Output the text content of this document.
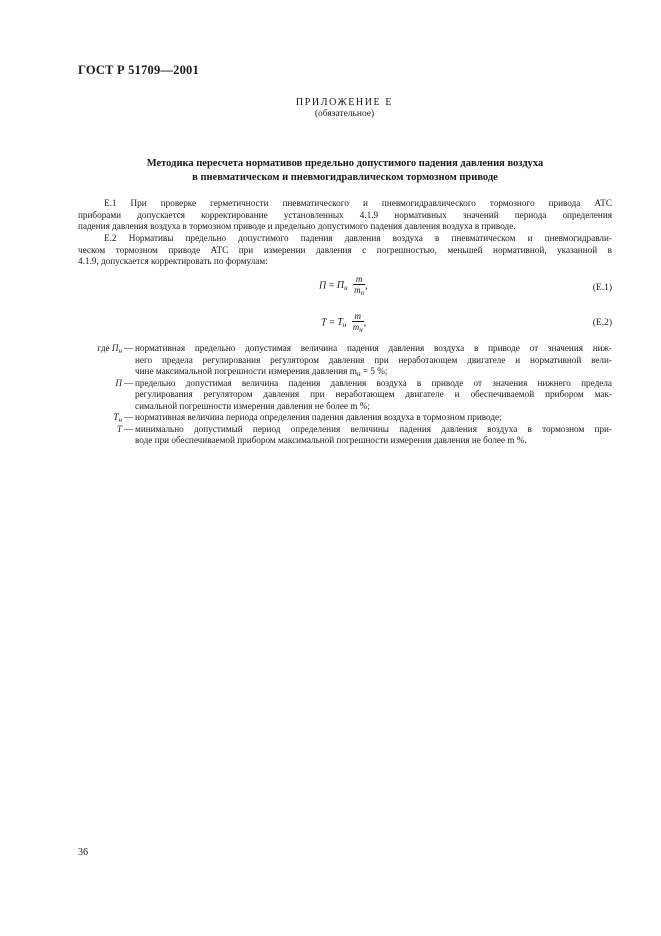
ГОСТ Р 51709—2001
ПРИЛОЖЕНИЕ Е
(обязательное)
Методика пересчета нормативов предельно допустимого падения давления воздуха
в пневматическом и пневмогидравлическом тормозном приводе
Е.1 При проверке герметичности пневматического и пневмогидравлического тормозного привода АТС
приборами допускается корректирование установленных 4.1.9 нормативных значений периода определения
падения давления воздуха в тормозном приводе и предельно допустимого падения давления воздуха в приводе.
Е.2 Нормативы предельно допустимого падения давления воздуха в пневматическом и пневмогидравли-
ческом тормозном приводе АТС при измерении давления с погрешностью, меньшей нормативной, указанной в
4.1.9, допускается корректировать по формулам:
$П = П_н \frac{m}{m_п}$ ,	(Е.1)
$Т = Т_н \frac{m}{m_н}$ ,	(Е.2)
где $П_н$ — нормативная предельно допустимая величина падения давления воздуха в приводе от значения ниж-
него предела регулирования регулятором давления при неработающем двигателе и нормативной вели-
чине максимальной погрешности измерения давления $m_н = 5$ %;
П — предельно допустимая величина падения давления воздуха в приводе от значения нижнего предела
регулирования регулятором давления при неработающем двигателе и обеспечиваемой прибором мак-
симальной погрешности измерения давления не более m %;
$Т_н$ — нормативная величина периода определения падения давления воздуха в тормозном приводе;
Т — минимально допустимый период определения величины падения давления воздуха в тормозном при-
воде при обеспечиваемой прибором максимальной погрешности измерения давления не более m %.
36
